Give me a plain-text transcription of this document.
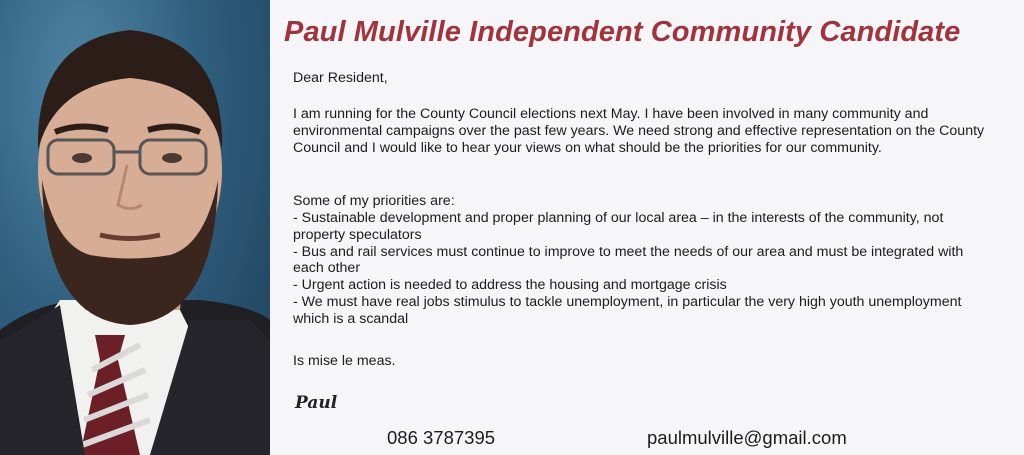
Paul Mulville Independent Community Candidate
Dear Resident,
I am running for the County Council elections next May. I have been involved in many community and environmental campaigns over the past few years. We need strong and effective representation on the County Council and I would like to hear your views on what should be the priorities for our community.
Some of my priorities are:
- Sustainable development and proper planning of our local area – in the interests of the community, not property speculators
- Bus and rail services must continue to improve to meet the needs of our area and must be integrated with each other
- Urgent action is needed to address the housing and mortgage crisis
- We must have real jobs stimulus to tackle unemployment, in particular the very high youth unemployment which is a scandal
Is mise le meas.
Paul
086 3787395	paulmulville@gmail.com
